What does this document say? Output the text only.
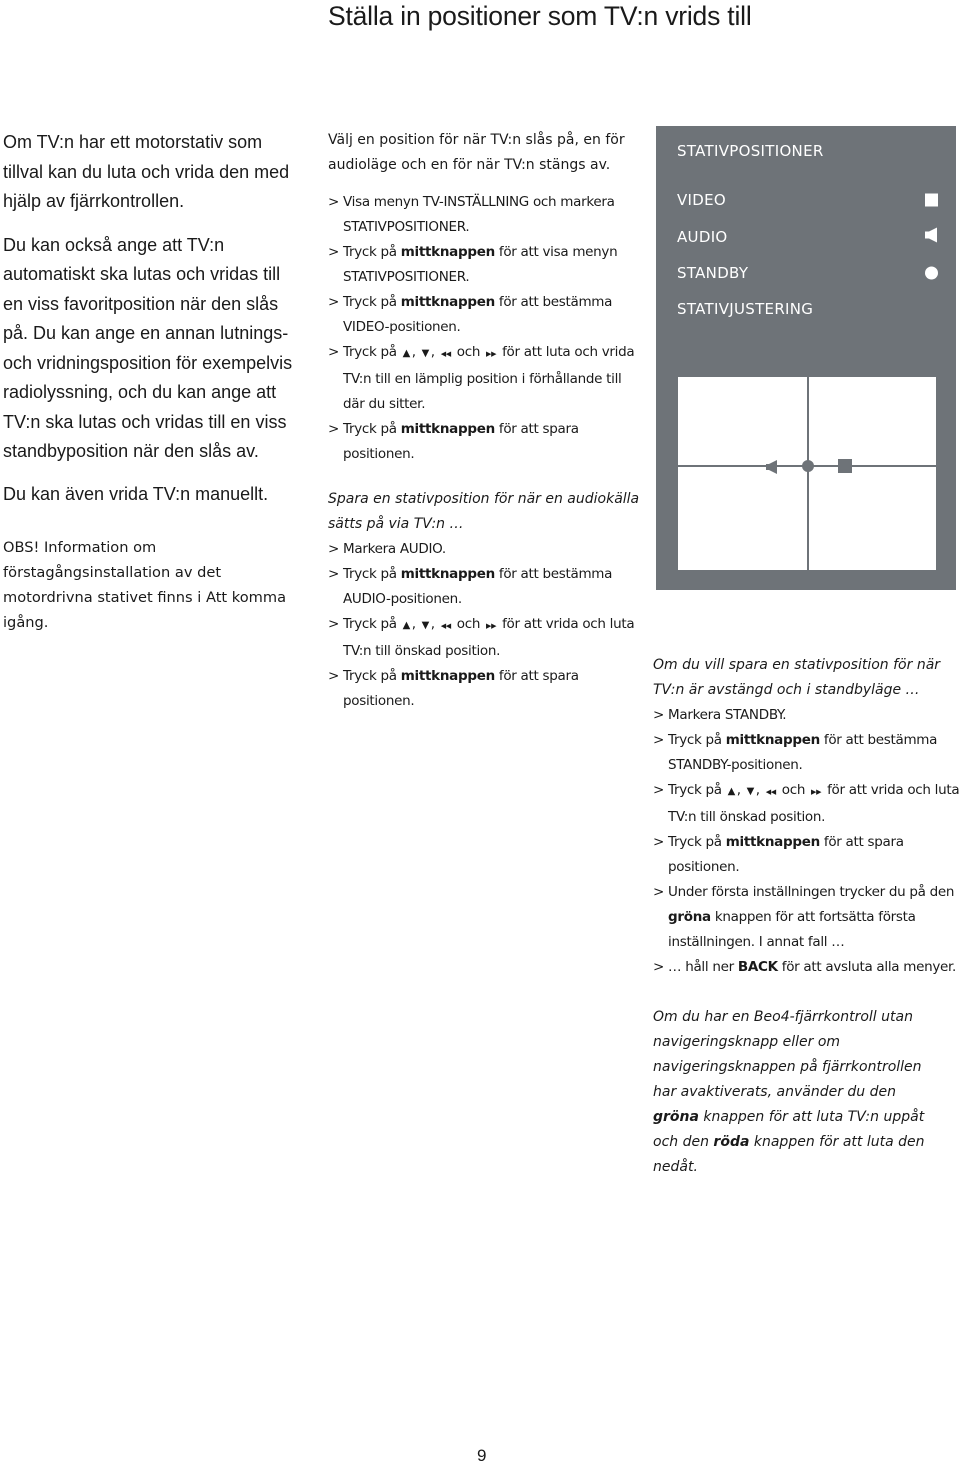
Ställa in positioner som TV:n vrids till

Om TV:n har ett motorstativ som tillval kan du luta och vrida den med hjälp av fjärrkontrollen.

Du kan också ange att TV:n automatiskt ska lutas och vridas till en viss favoritposition när den slås på. Du kan ange en annan lutnings- och vridningsposition för exempelvis radiolyssning, och du kan ange att TV:n ska lutas och vridas till en viss standbyposition när den slås av.

Du kan även vrida TV:n manuellt.

OBS! Information om förstagångsinstallation av det motordrivna stativet finns i Att komma igång.

Välj en position för när TV:n slås på, en för audioläge och en för när TV:n stängs av.

> Visa menyn TV-INSTÄLLNING och markera STATIVPOSITIONER.
> Tryck på mittknappen för att visa menyn STATIVPOSITIONER.
> Tryck på mittknappen för att bestämma VIDEO-positionen.
> Tryck på ▲ , ▼ , ◀◀ och ▶▶ för att luta och vrida TV:n till en lämplig position i förhållande till där du sitter.
> Tryck på mittknappen för att spara positionen.

Spara en stativposition för när en audiokälla sätts på via TV:n …

> Markera AUDIO.
> Tryck på mittknappen för att bestämma AUDIO-positionen.
> Tryck på ▲ , ▼ , ◀◀ och ▶▶ för att vrida och luta TV:n till önskad position.
> Tryck på mittknappen för att spara positionen.
STATIVPOSITIONER
VIDEO
AUDIO
STANDBY
STATIVJUSTERING

Om du vill spara en stativposition för när TV:n är avstängd och i standbyläge …

> Markera STANDBY.
> Tryck på mittknappen för att bestämma STANDBY-positionen.
> Tryck på ▲ , ▼ , ◀◀ och ▶▶ för att vrida och luta TV:n till önskad position.
> Tryck på mittknappen för att spara positionen.
> Under första inställningen trycker du på den gröna knappen för att fortsätta första inställningen. I annat fall …
> … håll ner BACK för att avsluta alla menyer.

Om du har en Beo4-fjärrkontroll utan navigeringsknapp eller om navigeringsknappen på fjärrkontrollen har avaktiverats, använder du den gröna knappen för att luta TV:n uppåt och den röda knappen för att luta den nedåt.

9
